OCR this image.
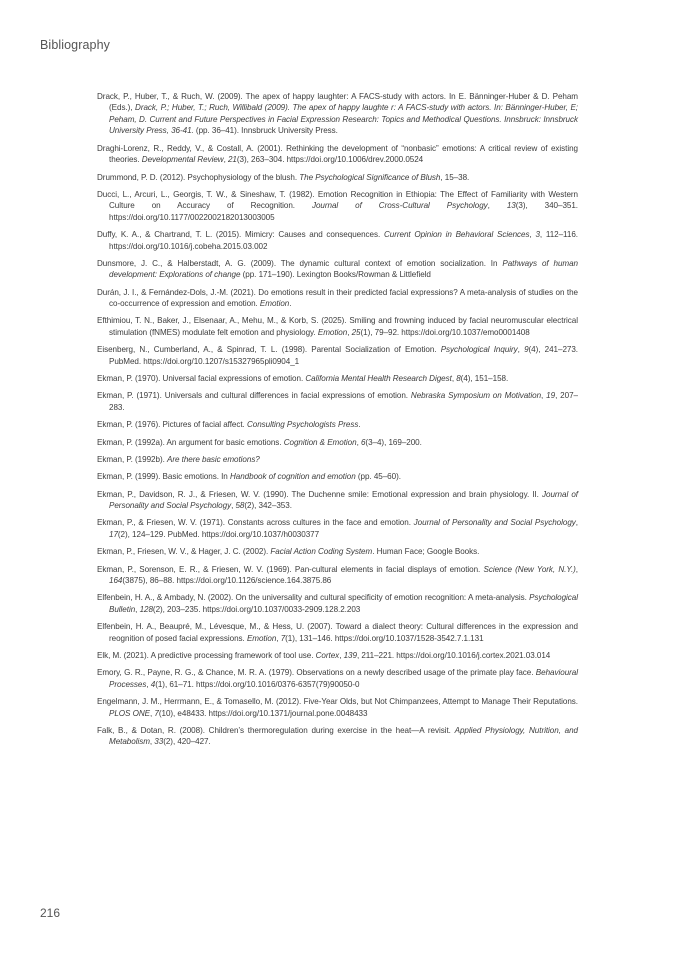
Bibliography

Drack, P., Huber, T., & Ruch, W. (2009). The apex of happy laughter: A FACS-study with actors. In E. Bänninger-Huber & D. Peham (Eds.), Drack, P.; Huber, T.; Ruch, Willibald (2009). The apex of happy laughte r: A FACS-study with actors. In: Bänninger-Huber, E; Peham, D. Current and Future Perspectives in Facial Expression Research: Topics and Methodical Questions. Innsbruck: Innsbruck University Press, 36-41. (pp. 36–41). Innsbruck University Press.

Draghi-Lorenz, R., Reddy, V., & Costall, A. (2001). Rethinking the development of “nonbasic” emotions: A critical review of existing theories. Developmental Review, 21(3), 263–304. https://doi.org/10.1006/drev.2000.0524

Drummond, P. D. (2012). Psychophysiology of the blush. The Psychological Significance of Blush, 15–38.

Ducci, L., Arcuri, L., Georgis, T. W., & Sineshaw, T. (1982). Emotion Recognition in Ethiopia: The Effect of Familiarity with Western Culture on Accuracy of Recognition. Journal of Cross-Cultural Psychology, 13(3), 340–351. https://doi.org/10.1177/0022002182013003005

Duffy, K. A., & Chartrand, T. L. (2015). Mimicry: Causes and consequences. Current Opinion in Behavioral Sciences, 3, 112–116. https://doi.org/10.1016/j.cobeha.2015.03.002

Dunsmore, J. C., & Halberstadt, A. G. (2009). The dynamic cultural context of emotion socialization. In Pathways of human development: Explorations of change (pp. 171–190). Lexington Books/Rowman & Littlefield

Durán, J. I., & Fernández-Dols, J.-M. (2021). Do emotions result in their predicted facial expressions? A meta-analysis of studies on the co-occurrence of expression and emotion. Emotion.

Efthimiou, T. N., Baker, J., Elsenaar, A., Mehu, M., & Korb, S. (2025). Smiling and frowning induced by facial neuromuscular electrical stimulation (fNMES) modulate felt emotion and physiology. Emotion, 25(1), 79–92. https://doi.org/10.1037/emo0001408

Eisenberg, N., Cumberland, A., & Spinrad, T. L. (1998). Parental Socialization of Emotion. Psychological Inquiry, 9(4), 241–273. PubMed. https://doi.org/10.1207/s15327965pli0904_1

Ekman, P. (1970). Universal facial expressions of emotion. California Mental Health Research Digest, 8(4), 151–158.

Ekman, P. (1971). Universals and cultural differences in facial expressions of emotion. Nebraska Symposium on Motivation, 19, 207–283.

Ekman, P. (1976). Pictures of facial affect. Consulting Psychologists Press.

Ekman, P. (1992a). An argument for basic emotions. Cognition & Emotion, 6(3–4), 169–200.

Ekman, P. (1992b). Are there basic emotions?

Ekman, P. (1999). Basic emotions. In Handbook of cognition and emotion (pp. 45–60).

Ekman, P., Davidson, R. J., & Friesen, W. V. (1990). The Duchenne smile: Emotional expression and brain physiology. II. Journal of Personality and Social Psychology, 58(2), 342–353.

Ekman, P., & Friesen, W. V. (1971). Constants across cultures in the face and emotion. Journal of Personality and Social Psychology, 17(2), 124–129. PubMed. https://doi.org/10.1037/h0030377

Ekman, P., Friesen, W. V., & Hager, J. C. (2002). Facial Action Coding System. Human Face; Google Books.

Ekman, P., Sorenson, E. R., & Friesen, W. V. (1969). Pan-cultural elements in facial displays of emotion. Science (New York, N.Y.), 164(3875), 86–88. https://doi.org/10.1126/science.164.3875.86

Elfenbein, H. A., & Ambady, N. (2002). On the universality and cultural specificity of emotion recognition: A meta-analysis. Psychological Bulletin, 128(2), 203–235. https://doi.org/10.1037/0033-2909.128.2.203

Elfenbein, H. A., Beaupré, M., Lévesque, M., & Hess, U. (2007). Toward a dialect theory: Cultural differences in the expression and reognition of posed facial expressions. Emotion, 7(1), 131–146. https://doi.org/10.1037/1528-3542.7.1.131

Elk, M. (2021). A predictive processing framework of tool use. Cortex, 139, 211–221. https://doi.org/10.1016/j.cortex.2021.03.014

Emory, G. R., Payne, R. G., & Chance, M. R. A. (1979). Observations on a newly described usage of the primate play face. Behavioural Processes, 4(1), 61–71. https://doi.org/10.1016/0376-6357(79)90050-0

Engelmann, J. M., Herrmann, E., & Tomasello, M. (2012). Five-Year Olds, but Not Chimpanzees, Attempt to Manage Their Reputations. PLOS ONE, 7(10), e48433. https://doi.org/10.1371/journal.pone.0048433

Falk, B., & Dotan, R. (2008). Children’s thermoregulation during exercise in the heat—A revisit. Applied Physiology, Nutrition, and Metabolism, 33(2), 420–427.

216
